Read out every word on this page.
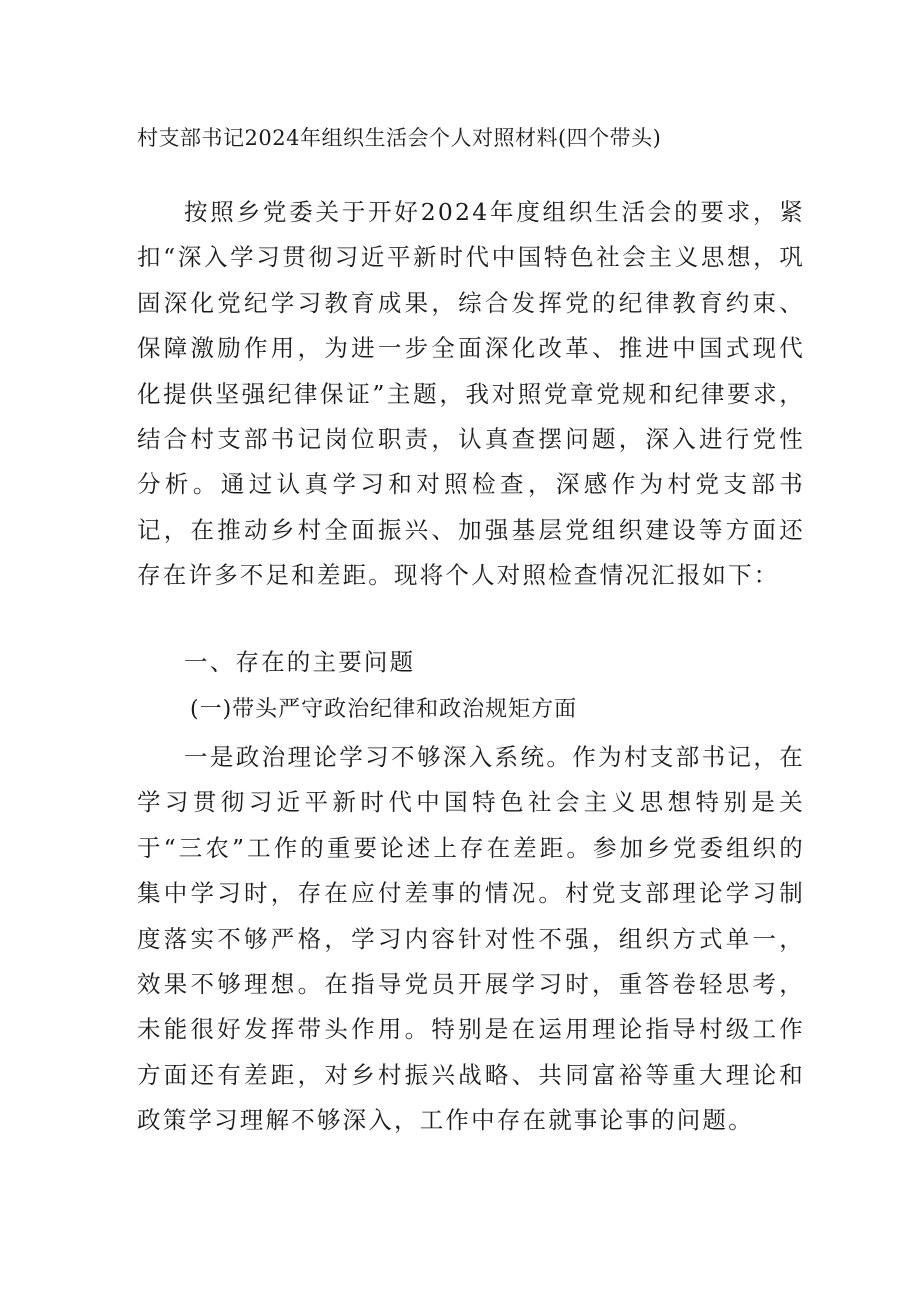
村支部书记2024年组织生活会个人对照材料(四个带头)

按照乡党委关于开好2024年度组织生活会的要求，紧扣“深入学习贯彻习近平新时代中国特色社会主义思想，巩固深化党纪学习教育成果，综合发挥党的纪律教育约束、保障激励作用，为进一步全面深化改革、推进中国式现代化提供坚强纪律保证”主题，我对照党章党规和纪律要求，结合村支部书记岗位职责，认真查摆问题，深入进行党性分析。通过认真学习和对照检查，深感作为村党支部书记，在推动乡村全面振兴、加强基层党组织建设等方面还存在许多不足和差距。现将个人对照检查情况汇报如下：

一、存在的主要问题

(一)带头严守政治纪律和政治规矩方面

一是政治理论学习不够深入系统。作为村支部书记，在学习贯彻习近平新时代中国特色社会主义思想特别是关于“三农”工作的重要论述上存在差距。参加乡党委组织的集中学习时，存在应付差事的情况。村党支部理论学习制度落实不够严格，学习内容针对性不强，组织方式单一，效果不够理想。在指导党员开展学习时，重答卷轻思考，未能很好发挥带头作用。特别是在运用理论指导村级工作方面还有差距，对乡村振兴战略、共同富裕等重大理论和政策学习理解不够深入，工作中存在就事论事的问题。
